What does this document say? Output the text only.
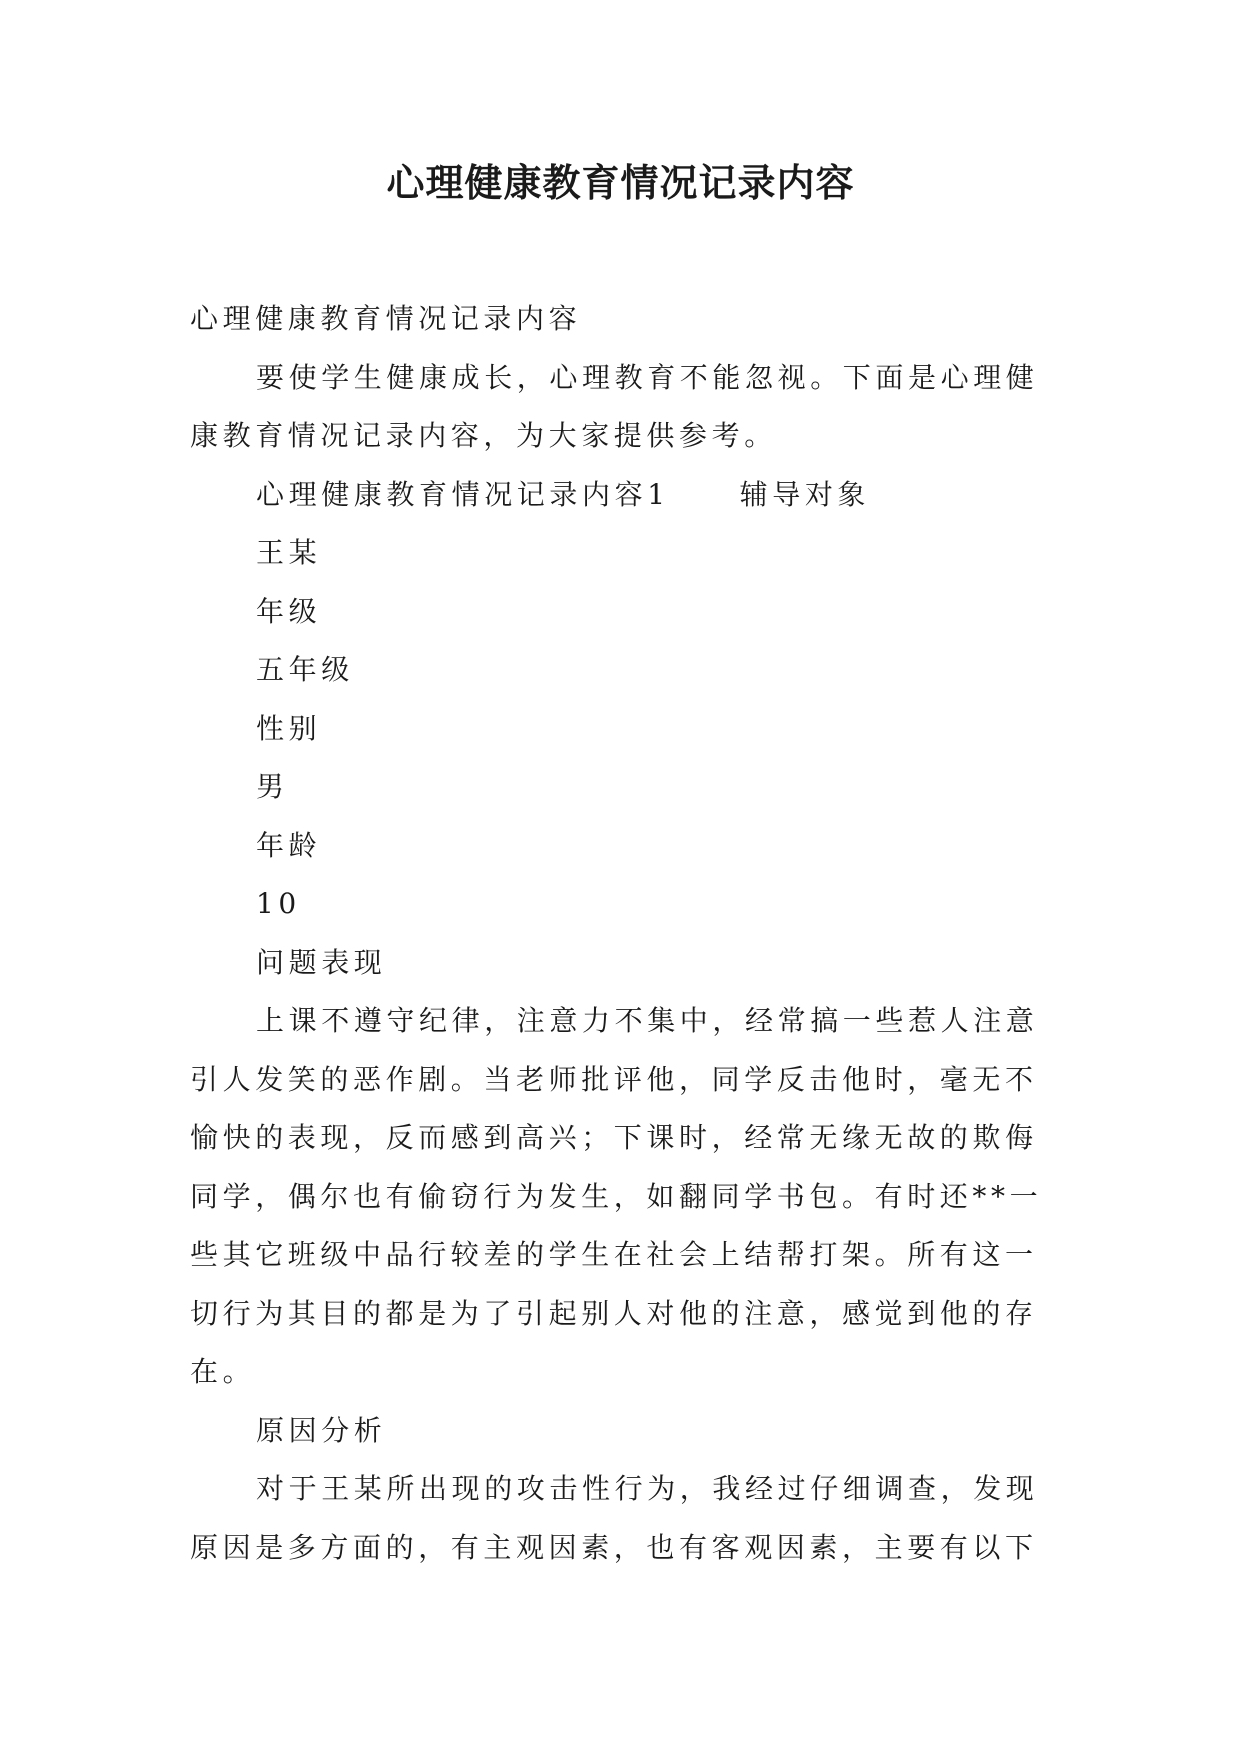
心理健康教育情况记录内容

心理健康教育情况记录内容

要使学生健康成长，心理教育不能忽视。下面是心理健康教育情况记录内容，为大家提供参考。

心理健康教育情况记录内容1	辅导对象

王某

年级

五年级

性别

男

年龄

10

问题表现

上课不遵守纪律，注意力不集中，经常搞一些惹人注意引人发笑的恶作剧。当老师批评他，同学反击他时，毫无不愉快的表现，反而感到高兴；下课时，经常无缘无故的欺侮同学，偶尔也有偷窃行为发生，如翻同学书包。有时还**一些其它班级中品行较差的学生在社会上结帮打架。所有这一切行为其目的都是为了引起别人对他的注意，感觉到他的存在。

原因分析

对于王某所出现的攻击性行为，我经过仔细调查，发现原因是多方面的，有主观因素，也有客观因素，主要有以下
